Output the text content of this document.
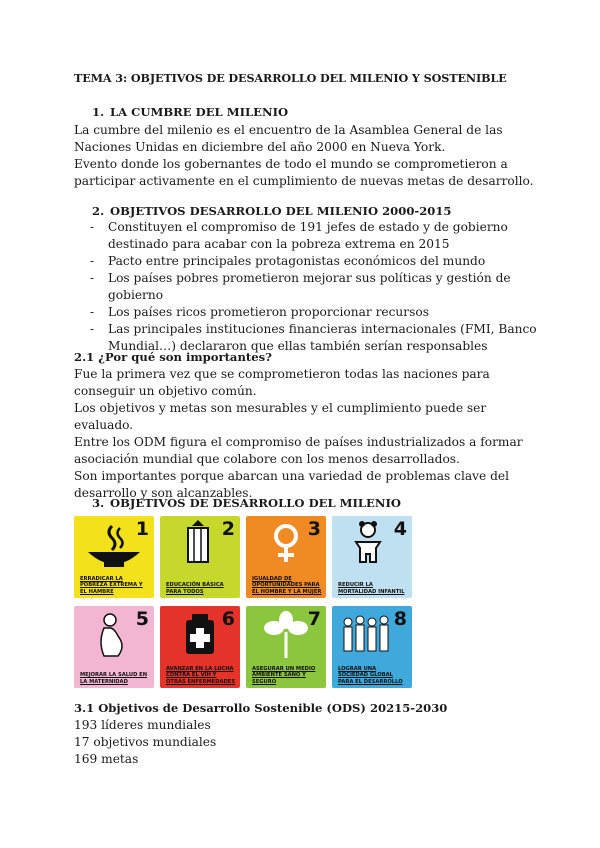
TEMA 3: OBJETIVOS DE DESARROLLO DEL MILENIO Y SOSTENIBLE
1. LA CUMBRE DEL MILENIO

La cumbre del milenio es el encuentro de la Asamblea General de las Naciones Unidas en diciembre del año 2000 en Nueva York.

Evento donde los gobernantes de todo el mundo se comprometieron a participar activamente en el cumplimiento de nuevas metas de desarrollo.

2. OBJETIVOS DESARROLLO DEL MILENIO 2000-2015
- Constituyen el compromiso de 191 jefes de estado y de gobierno destinado para acabar con la pobreza extrema en 2015
- Pacto entre principales protagonistas económicos del mundo
- Los países pobres prometieron mejorar sus políticas y gestión de gobierno
- Los países ricos prometieron proporcionar recursos
- Las principales instituciones financieras internacionales (FMI, Banco Mundial…) declararon que ellas también serían responsables

2.1 ¿Por qué son importantes?

Fue la primera vez que se comprometieron todas las naciones para conseguir un objetivo común.

Los objetivos y metas son mesurables y el cumplimiento puede ser evaluado.

Entre los ODM figura el compromiso de países industrializados a formar asociación mundial que colabore con los menos desarrollados.

Son importantes porque abarcan una variedad de problemas clave del desarrollo y son alcanzables.

3. OBJETIVOS DE DESARROLLO DEL MILENIO
1
ERRADICAR LA POBREZA EXTREMA Y EL HAMBRE
2
EDUCACIÓN BÁSICA PARA TODOS
3
IGUALDAD DE OPORTUNIDADES PARA EL HOMBRE Y LA MUJER
4
REDUCIR LA MORTALIDAD INFANTIL
5
MEJORAR LA SALUD EN LA MATERNIDAD
6
AVANZAR EN LA LUCHA CONTRA EL VIH Y OTRAS ENFERMEDADES
7
ASEGURAR UN MEDIO AMBIENTE SANO Y SEGURO
8
LOGRAR UNA SOCIEDAD GLOBAL PARA EL DESARROLLO

3.1 Objetivos de Desarrollo Sostenible (ODS) 20215-2030

193 líderes mundiales

17 objetivos mundiales

169 metas
